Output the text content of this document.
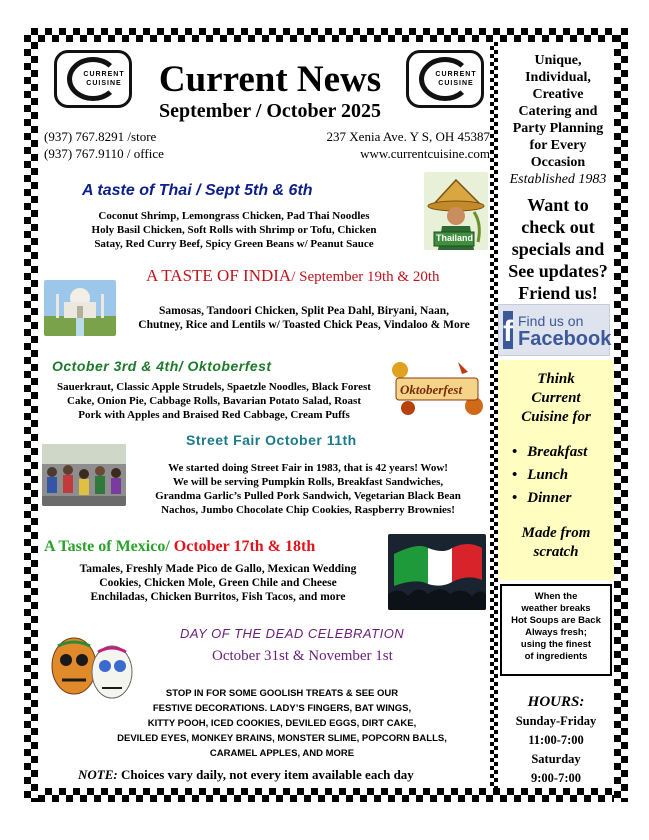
CURRENT
CUISINE
CURRENT
CUISINE
Current News
September / October 2025
(937) 767.8291 /store
(937) 767.9110 / office
237 Xenia Ave. Y S, OH 45387
www.currentcuisine.com
Unique,
Individual,
Creative
Catering and
Party Planning
for Every
Occasion
Established 1983
Want to
check out
specials and
See updates?
Friend us!
f Find us on
Facebook
Think
Current
Cuisine for
• Breakfast
• Lunch
• Dinner
Made from
scratch
When the
weather breaks
Hot Soups are Back
Always fresh;
using the finest
of ingredients
HOURS:
Sunday-Friday
11:00-7:00
Saturday
9:00-7:00
A taste of Thai / Sept 5th & 6th
Thailand
Coconut Shrimp, Lemongrass Chicken, Pad Thai Noodles
Holy Basil Chicken, Soft Rolls with Shrimp or Tofu, Chicken
Satay, Red Curry Beef, Spicy Green Beans w/ Peanut Sauce
A TASTE OF INDIA/ September 19th & 20th
Samosas, Tandoori Chicken, Split Pea Dahl, Biryani, Naan,
Chutney, Rice and Lentils w/ Toasted Chick Peas, Vindaloo & More
October 3rd & 4th/ Oktoberfest
Oktoberfest
Sauerkraut, Classic Apple Strudels, Spaetzle Noodles, Black Forest
Cake, Onion Pie, Cabbage Rolls, Bavarian Potato Salad, Roast
Pork with Apples and Braised Red Cabbage, Cream Puffs
Street Fair October 11th
We started doing Street Fair in 1983, that is 42 years! Wow!
We will be serving Pumpkin Rolls, Breakfast Sandwiches,
Grandma Garlic’s Pulled Pork Sandwich, Vegetarian Black Bean
Nachos, Jumbo Chocolate Chip Cookies, Raspberry Brownies!
A Taste of Mexico/ October 17th & 18th
Tamales, Freshly Made Pico de Gallo, Mexican Wedding
Cookies, Chicken Mole, Green Chile and Cheese
Enchiladas, Chicken Burritos, Fish Tacos, and more
DAY OF THE DEAD CELEBRATION
October 31st & November 1st
STOP IN FOR SOME GOOLISH TREATS & SEE OUR
FESTIVE DECORATIONS. LADY’S FINGERS, BAT WINGS,
KITTY POOH, ICED COOKIES, DEVILED EGGS, DIRT CAKE,
DEVILED EYES, MONKEY BRAINS, MONSTER SLIME, POPCORN BALLS,
CARAMEL APPLES, AND MORE
NOTE: Choices vary daily, not every item available each day
